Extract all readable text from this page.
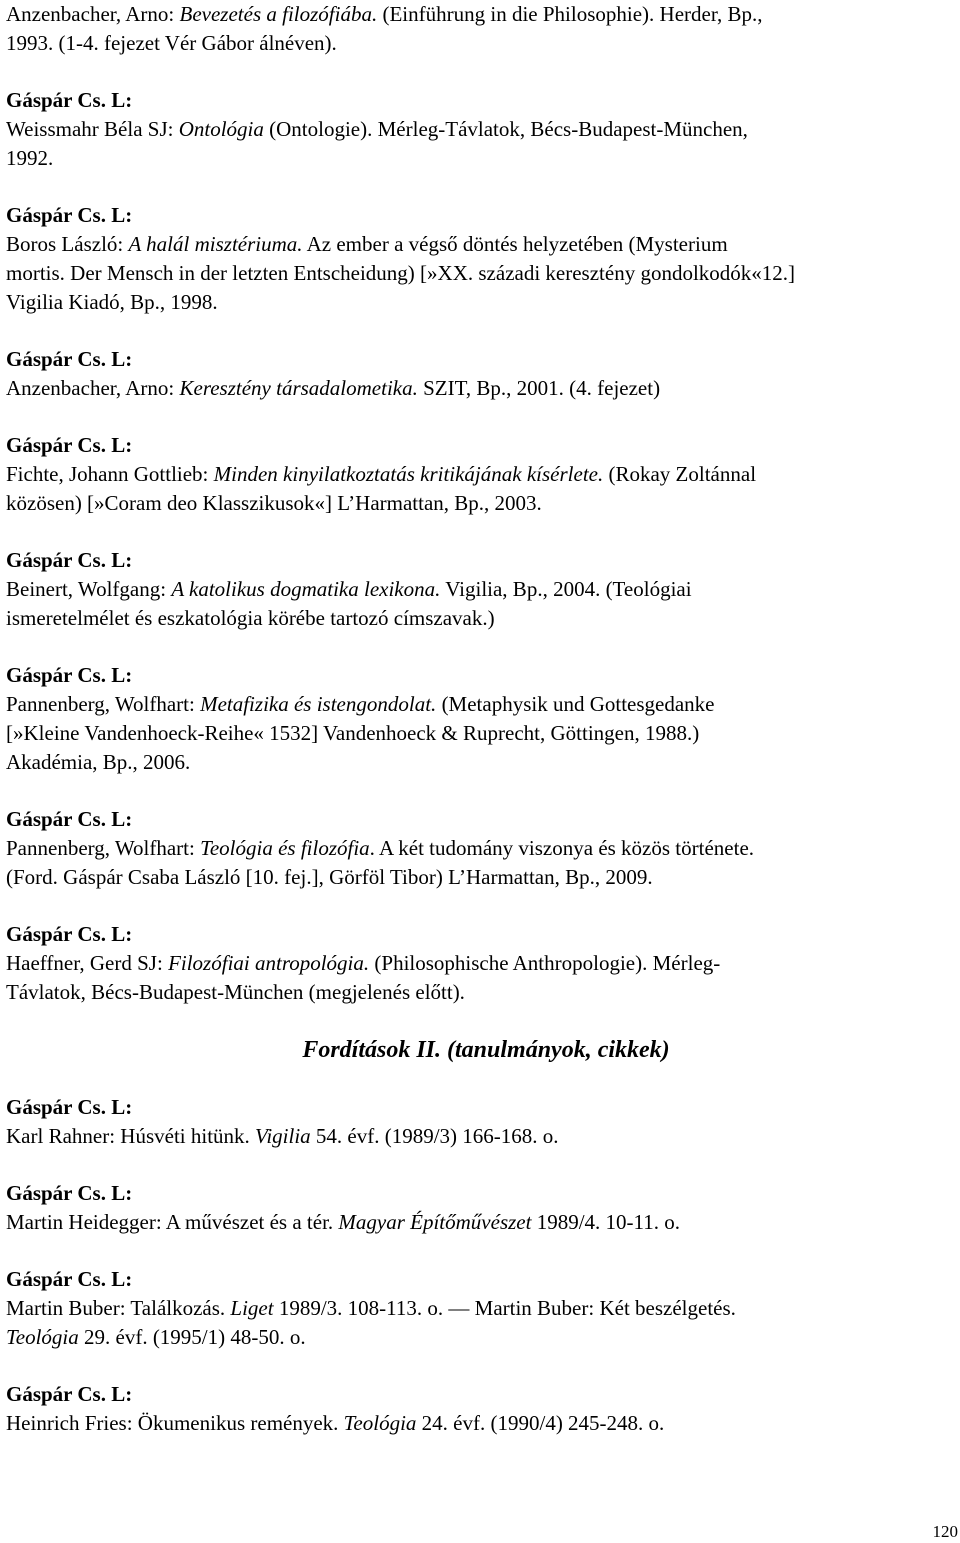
Anzenbacher, Arno: Bevezetés a filozófiába. (Einführung in die Philosophie). Herder, Bp.,
1993. (1-4. fejezet Vér Gábor álnéven).
Gáspár Cs. L:
Weissmahr Béla SJ: Ontológia (Ontologie). Mérleg-Távlatok, Bécs-Budapest-München,
1992.
Gáspár Cs. L:
Boros László: A halál misztériuma. Az ember a végső döntés helyzetében (Mysterium
mortis. Der Mensch in der letzten Entscheidung) [»XX. századi keresztény gondolkodók«12.]
Vigilia Kiadó, Bp., 1998.
Gáspár Cs. L:
Anzenbacher, Arno: Keresztény társadalometika. SZIT, Bp., 2001. (4. fejezet)
Gáspár Cs. L:
Fichte, Johann Gottlieb: Minden kinyilatkoztatás kritikájának kísérlete. (Rokay Zoltánnal
közösen) [»Coram deo Klasszikusok«] L’Harmattan, Bp., 2003.
Gáspár Cs. L:
Beinert, Wolfgang: A katolikus dogmatika lexikona. Vigilia, Bp., 2004. (Teológiai
ismeretelmélet és eszkatológia körébe tartozó címszavak.)
Gáspár Cs. L:
Pannenberg, Wolfhart: Metafizika és istengondolat. (Metaphysik und Gottesgedanke
[»Kleine Vandenhoeck-Reihe« 1532] Vandenhoeck & Ruprecht, Göttingen, 1988.)
Akadémia, Bp., 2006.
Gáspár Cs. L:
Pannenberg, Wolfhart: Teológia és filozófia. A két tudomány viszonya és közös története.
(Ford. Gáspár Csaba László [10. fej.], Görföl Tibor) L’Harmattan, Bp., 2009.
Gáspár Cs. L:
Haeffner, Gerd SJ: Filozófiai antropológia. (Philosophische Anthropologie). Mérleg-
Távlatok, Bécs-Budapest-München (megjelenés előtt).
Fordítások II. (tanulmányok, cikkek)
Gáspár Cs. L:
Karl Rahner: Húsvéti hitünk. Vigilia 54. évf. (1989/3) 166-168. o.
Gáspár Cs. L:
Martin Heidegger: A művészet és a tér. Magyar Építőművészet 1989/4. 10-11. o.
Gáspár Cs. L:
Martin Buber: Találkozás. Liget 1989/3. 108-113. o. — Martin Buber: Két beszélgetés.
Teológia 29. évf. (1995/1) 48-50. o.
Gáspár Cs. L:
Heinrich Fries: Ökumenikus remények. Teológia 24. évf. (1990/4) 245-248. o.
120
